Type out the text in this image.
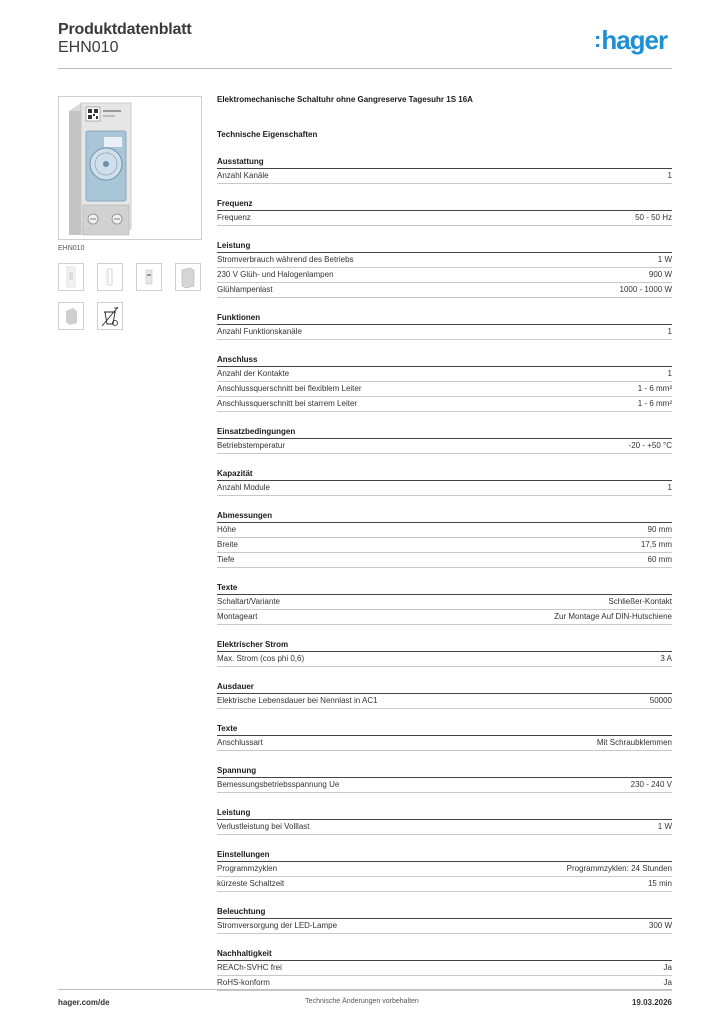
Produktdatenblatt
EHN010	:hager
EHN010
Elektromechanische Schaltuhr ohne Gangreserve Tagesuhr 1S 16A
Technische Eigenschaften
Ausstattung
Anzahl Kanäle	1
Frequenz
Frequenz	50 - 50 Hz
Leistung
Stromverbrauch während des Betriebs	1 W
230 V Glüh- und Halogenlampen	900 W
Glühlampenlast	1000 - 1000 W
Funktionen
Anzahl Funktionskanäle	1
Anschluss
Anzahl der Kontakte	1
Anschlussquerschnitt bei flexiblem Leiter	1 - 6 mm²
Anschlussquerschnitt bei starrem Leiter	1 - 6 mm²
Einsatzbedingungen
Betriebstemperatur	-20 - +50 °C
Kapazität
Anzahl Module	1
Abmessungen
Höhe	90 mm
Breite	17,5 mm
Tiefe	60 mm
Texte
Schaltart/Variante	Schließer-Kontakt
Montageart	Zur Montage Auf DIN-Hutschiene
Elektrischer Strom
Max. Strom (cos phi 0,6)	3 A
Ausdauer
Elektrische Lebensdauer bei Nennlast in AC1	50000
Texte
Anschlussart	Mit Schraubklemmen
Spannung
Bemessungsbetriebsspannung Ue	230 - 240 V
Leistung
Verlustleistung bei Volllast	1 W
Einstellungen
Programmzyklen	Programmzyklen: 24 Stunden
kürzeste Schaltzeit	15 min
Beleuchtung
Stromversorgung der LED-Lampe	300 W
Nachhaltigkeit
REACh-SVHC frei	Ja
RoHS-konform	Ja
hager.com/de	Technische Änderungen vorbehalten	19.03.2026
